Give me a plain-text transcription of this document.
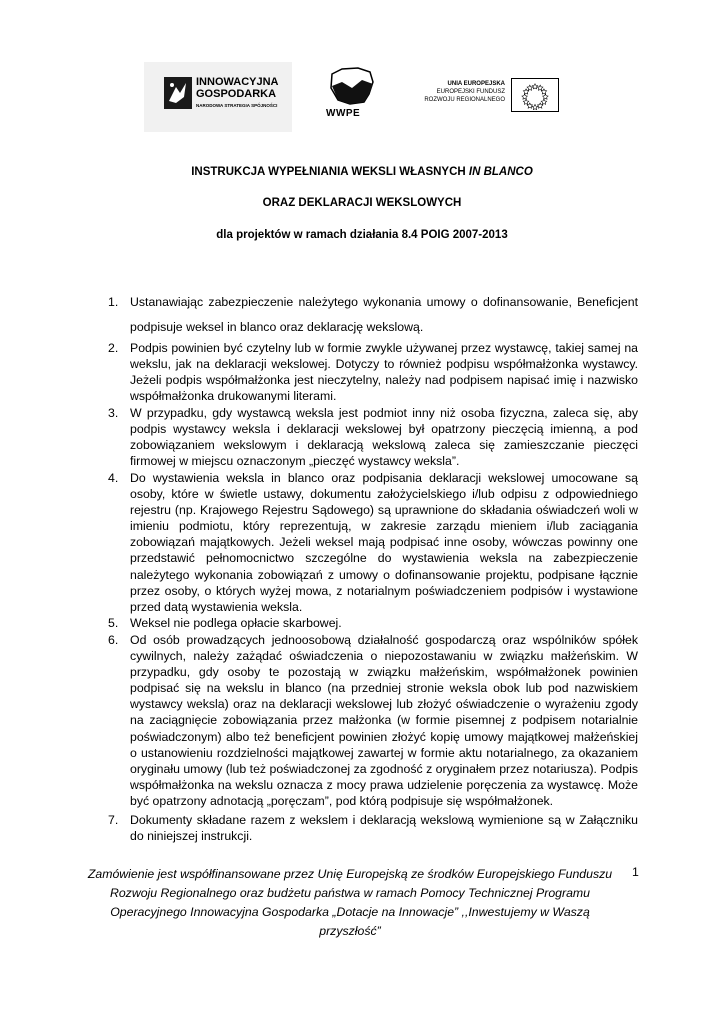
INNOWACYJNA
GOSPODARKA
NARODOWA STRATEGIA SPÓJNOŚCI
WWPE
UNIA EUROPEJSKA
EUROPEJSKI FUNDUSZ
ROZWOJU REGIONALNEGO
INSTRUKCJA WYPEŁNIANIA WEKSLI WŁASNYCH IN BLANCO
ORAZ DEKLARACJI WEKSLOWYCH
dla projektów w ramach działania 8.4 POIG 2007-2013
1. Ustanawiając zabezpieczenie należytego wykonania umowy o dofinansowanie, Beneficjent podpisuje weksel in blanco oraz deklarację wekslową.
2. Podpis powinien być czytelny lub w formie zwykle używanej przez wystawcę, takiej samej na wekslu, jak na deklaracji wekslowej. Dotyczy to również podpisu współmałżonka wystawcy. Jeżeli podpis współmałżonka jest nieczytelny, należy nad podpisem napisać imię i nazwisko współmałżonka drukowanymi literami.
3. W przypadku, gdy wystawcą weksla jest podmiot inny niż osoba fizyczna, zaleca się, aby podpis wystawcy weksla i deklaracji wekslowej był opatrzony pieczęcią imienną, a pod zobowiązaniem wekslowym i deklaracją wekslową zaleca się zamieszczanie pieczęci firmowej w miejscu oznaczonym „pieczęć wystawcy weksla”.
4. Do wystawienia weksla in blanco oraz podpisania deklaracji wekslowej umocowane są osoby, które w świetle ustawy, dokumentu założycielskiego i/lub odpisu z odpowiedniego rejestru (np. Krajowego Rejestru Sądowego) są uprawnione do składania oświadczeń woli w imieniu podmiotu, który reprezentują, w zakresie zarządu mieniem i/lub zaciągania zobowiązań majątkowych. Jeżeli weksel mają podpisać inne osoby, wówczas powinny one przedstawić pełnomocnictwo szczególne do wystawienia weksla na zabezpieczenie należytego wykonania zobowiązań z umowy o dofinansowanie projektu, podpisane łącznie przez osoby, o których wyżej mowa, z notarialnym poświadczeniem podpisów i wystawione przed datą wystawienia weksla.
5. Weksel nie podlega opłacie skarbowej.
6. Od osób prowadzących jednoosobową działalność gospodarczą oraz wspólników spółek cywilnych, należy zażądać oświadczenia o niepozostawaniu w związku małżeńskim. W przypadku, gdy osoby te pozostają w związku małżeńskim, współmałżonek powinien podpisać się na wekslu in blanco (na przedniej stronie weksla obok lub pod nazwiskiem wystawcy weksla) oraz na deklaracji wekslowej lub złożyć oświadczenie o wyrażeniu zgody na zaciągnięcie zobowiązania przez małżonka (w formie pisemnej z podpisem notarialnie poświadczonym) albo też beneficjent powinien złożyć kopię umowy majątkowej małżeńskiej o ustanowieniu rozdzielności majątkowej zawartej w formie aktu notarialnego, za okazaniem oryginału umowy (lub też poświadczonej za zgodność z oryginałem przez notariusza). Podpis współmałżonka na wekslu oznacza z mocy prawa udzielenie poręczenia za wystawcę. Może być opatrzony adnotacją „poręczam”, pod którą podpisuje się współmałżonek.
7. Dokumenty składane razem z wekslem i deklaracją wekslową wymienione są w Załączniku do niniejszej instrukcji.
Zamówienie jest współfinansowane przez Unię Europejską ze środków Europejskiego Funduszu Rozwoju Regionalnego oraz budżetu państwa w ramach Pomocy Technicznej Programu Operacyjnego Innowacyjna Gospodarka „Dotacje na Innowacje” ,,Inwestujemy w Waszą przyszłość”
1
